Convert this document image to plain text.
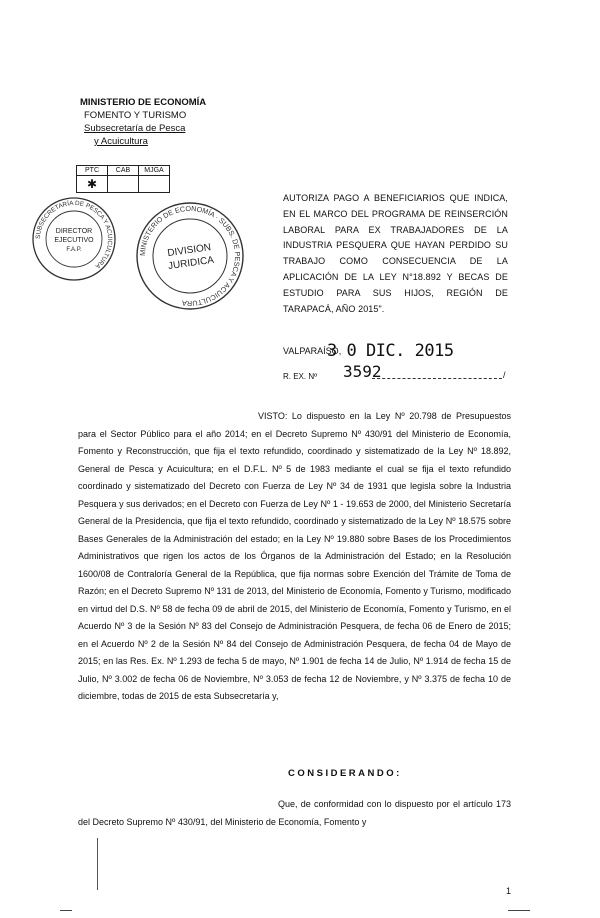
MINISTERIO DE ECONOMÍA
FOMENTO Y TURISMO
Subsecretaría de Pesca
y Acuicultura
PTC	CAB	MJGA
✱		
SUBSECRETARÍA DE PESCA Y ACUICULTURA
DIRECTOR
EJECUTIVO
F.A.P.	MINISTERIO DE ECONOMÍA · SUBS. DE PESCA Y ACUICULTURA
DIVISION
JURIDICA
AUTORIZA PAGO A BENEFICIARIOS QUE INDICA, EN EL MARCO DEL PROGRAMA DE REINSERCIÓN LABORAL PARA EX TRABAJADORES DE LA INDUSTRIA PESQUERA QUE HAYAN PERDIDO SU TRABAJO COMO CONSECUENCIA DE LA APLICACIÓN DE LA LEY N°18.892 Y BECAS DE ESTUDIO PARA SUS HIJOS, REGIÓN DE TARAPACÁ, AÑO 2015".
VALPARAÍSO,
3 0 DIC. 2015
R. EX. Nº 3592	/

VISTO: Lo dispuesto en la Ley Nº 20.798 de Presupuestos para el Sector Público para el año 2014; en el Decreto Supremo Nº 430/91 del Ministerio de Economía, Fomento y Reconstrucción, que fija el texto refundido, coordinado y sistematizado de la Ley Nº 18.892, General de Pesca y Acuicultura; en el D.F.L. Nº 5 de 1983 mediante el cual se fija el texto refundido coordinado y sistematizado del Decreto con Fuerza de Ley Nº 34 de 1931 que legisla sobre la Industria Pesquera y sus derivados; en el Decreto con Fuerza de Ley Nº 1 - 19.653 de 2000, del Ministerio Secretaría General de la Presidencia, que fija el texto refundido, coordinado y sistematizado de la Ley Nº 18.575 sobre Bases Generales de la Administración del estado; en la Ley Nº 19.880 sobre Bases de los Procedimientos Administrativos que rigen los actos de los Órganos de la Administración del Estado; en la Resolución 1600/08 de Contraloría General de la República, que fija normas sobre Exención del Trámite de Toma de Razón; en el Decreto Supremo Nº 131 de 2013, del Ministerio de Economía, Fomento y Turismo, modificado en virtud del D.S. Nº 58 de fecha 09 de abril de 2015, del Ministerio de Economía, Fomento y Turismo, en el Acuerdo Nº 3 de la Sesión Nº 83 del Consejo de Administración Pesquera, de fecha 06 de Enero de 2015; en el Acuerdo Nº 2 de la Sesión Nº 84 del Consejo de Administración Pesquera, de fecha 04 de Mayo de 2015; en las Res. Ex. Nº 1.293 de fecha 5 de mayo, Nº 1.901 de fecha 14 de Julio, Nº 1.914 de fecha 15 de Julio, Nº 3.002 de fecha 06 de Noviembre, Nº 3.053 de fecha 12 de Noviembre, y Nº 3.375 de fecha 10 de diciembre, todas de 2015 de esta Subsecretaría y,

CONSIDERANDO:

Que, de conformidad con lo dispuesto por el artículo 173 del Decreto Supremo Nº 430/91, del Ministerio de Economía, Fomento y

1
